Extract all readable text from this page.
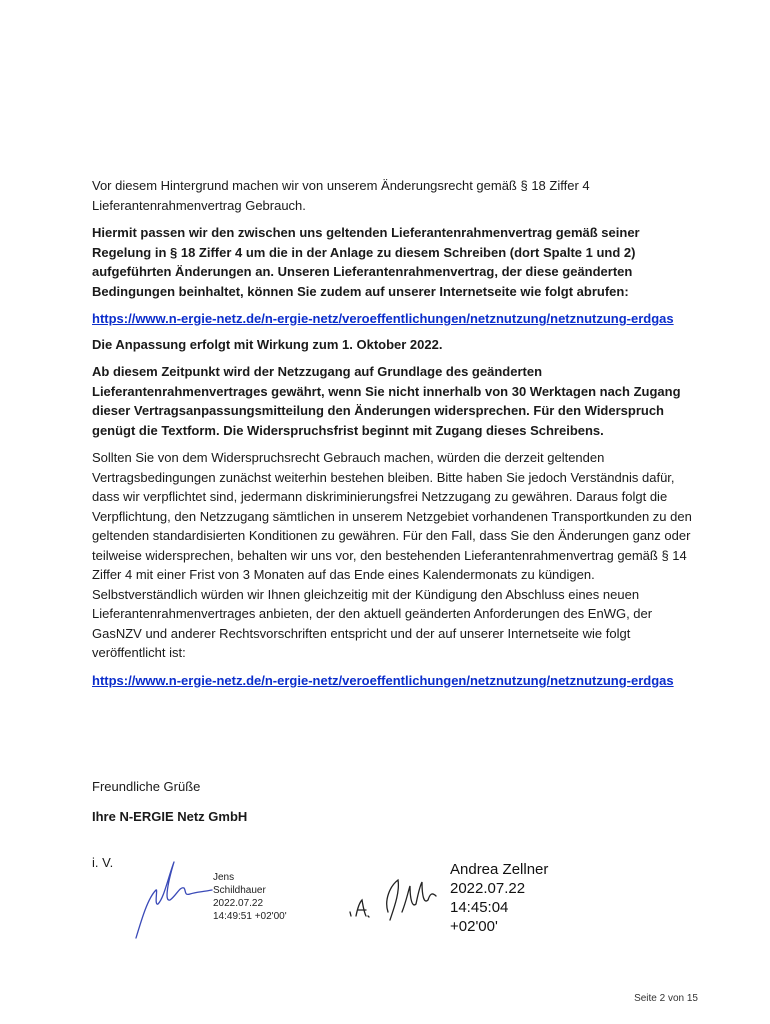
Vor diesem Hintergrund machen wir von unserem Änderungsrecht gemäß § 18 Ziffer 4 Lieferantenrahmenvertrag Gebrauch.

Hiermit passen wir den zwischen uns geltenden Lieferantenrahmenvertrag gemäß seiner Regelung in § 18 Ziffer 4 um die in der Anlage zu diesem Schreiben (dort Spalte 1 und 2) aufgeführten Änderungen an. Unseren Lieferantenrahmenvertrag, der diese geänderten Bedingungen beinhaltet, können Sie zudem auf unserer Internetseite wie folgt abrufen:

https://www.n-ergie-netz.de/n-ergie-netz/veroeffentlichungen/netznutzung/netznutzung-erdgas

Die Anpassung erfolgt mit Wirkung zum 1. Oktober 2022.

Ab diesem Zeitpunkt wird der Netzzugang auf Grundlage des geänderten Lieferantenrahmenvertrages gewährt, wenn Sie nicht innerhalb von 30 Werktagen nach Zugang dieser Vertragsanpassungsmitteilung den Änderungen widersprechen. Für den Widerspruch genügt die Textform. Die Widerspruchsfrist beginnt mit Zugang dieses Schreibens.

Sollten Sie von dem Widerspruchsrecht Gebrauch machen, würden die derzeit geltenden Vertragsbedingungen zunächst weiterhin bestehen bleiben. Bitte haben Sie jedoch Verständnis dafür, dass wir verpflichtet sind, jedermann diskriminierungsfrei Netzzugang zu gewähren. Daraus folgt die Verpflichtung, den Netzzugang sämtlichen in unserem Netzgebiet vorhandenen Transportkunden zu den geltenden standardisierten Konditionen zu gewähren. Für den Fall, dass Sie den Änderungen ganz oder teilweise widersprechen, behalten wir uns vor, den bestehenden Lieferantenrahmenvertrag gemäß § 14 Ziffer 4 mit einer Frist von 3 Monaten auf das Ende eines Kalendermonats zu kündigen. Selbstverständlich würden wir Ihnen gleichzeitig mit der Kündigung den Abschluss eines neuen Lieferantenrahmenvertrages anbieten, der den aktuell geänderten Anforderungen des EnWG, der GasNZV und anderer Rechtsvorschriften entspricht und der auf unserer Internetseite wie folgt veröffentlicht ist:

https://www.n-ergie-netz.de/n-ergie-netz/veroeffentlichungen/netznutzung/netznutzung-erdgas

Freundliche Grüße
Ihre N-ERGIE Netz GmbH
i. V.
Jens
Schildhauer
2022.07.22
14:49:51 +02'00'
Andrea Zellner
2022.07.22
14:45:04
+02'00'
Seite 2 von 15
